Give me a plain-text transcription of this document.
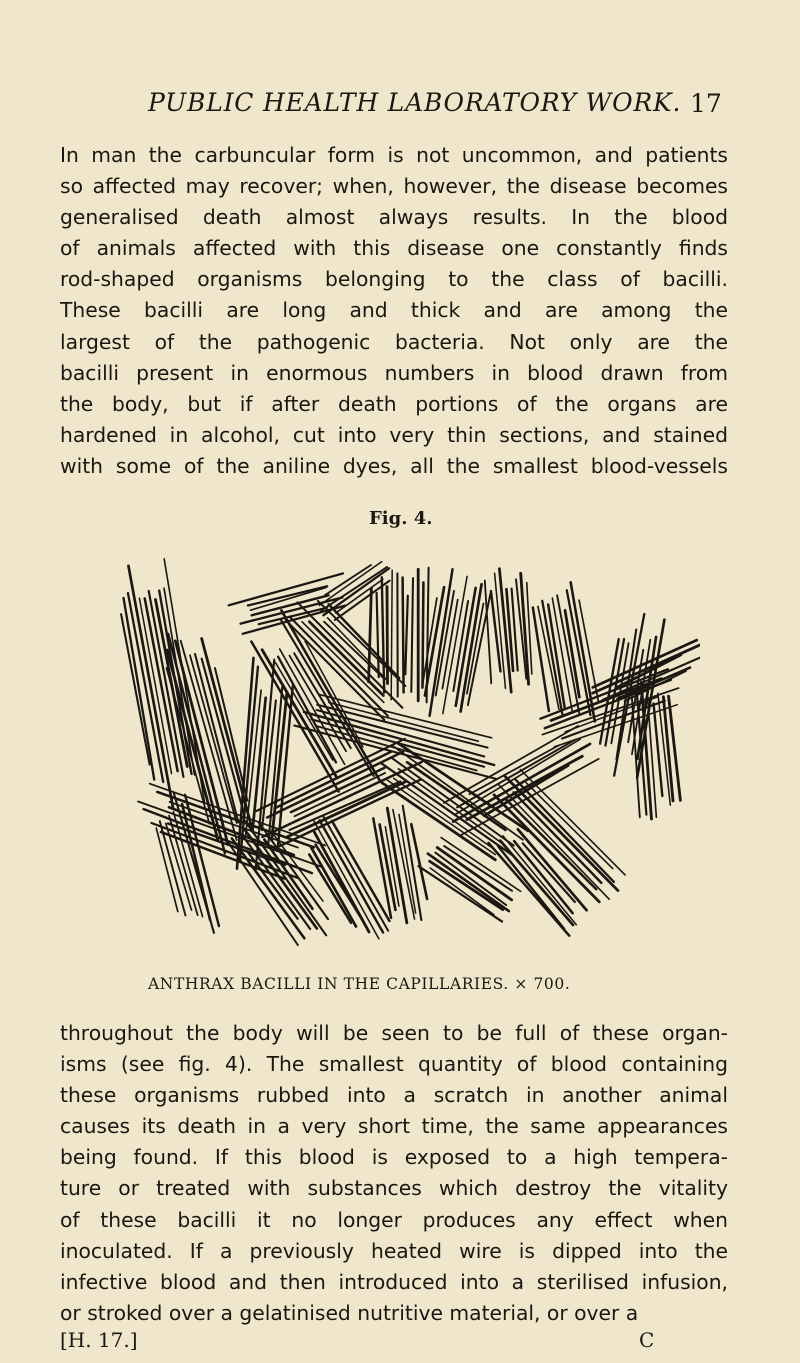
PUBLIC HEALTH LABORATORY WORK. 17
In man the carbuncular form is not uncommon, and patients
so affected may recover; when, however, the disease becomes
generalised death almost always results. In the blood
of animals affected with this disease one constantly finds
rod-shaped organisms belonging to the class of bacilli.
These bacilli are long and thick and are among the
largest of the pathogenic bacteria. Not only are the
bacilli present in enormous numbers in blood drawn from
the body, but if after death portions of the organs are
hardened in alcohol, cut into very thin sections, and stained
with some of the aniline dyes, all the smallest blood-vessels
Fig. 4.
ANTHRAX BACILLI IN THE CAPILLARIES. × 700.
throughout the body will be seen to be full of these organ-
isms (see fig. 4). The smallest quantity of blood containing
these organisms rubbed into a scratch in another animal
causes its death in a very short time, the same appearances
being found. If this blood is exposed to a high tempera-
ture or treated with substances which destroy the vitality
of these bacilli it no longer produces any effect when
inoculated. If a previously heated wire is dipped into the
infective blood and then introduced into a sterilised infusion,
or stroked over a gelatinised nutritive material, or over a
[H. 17.]	C
